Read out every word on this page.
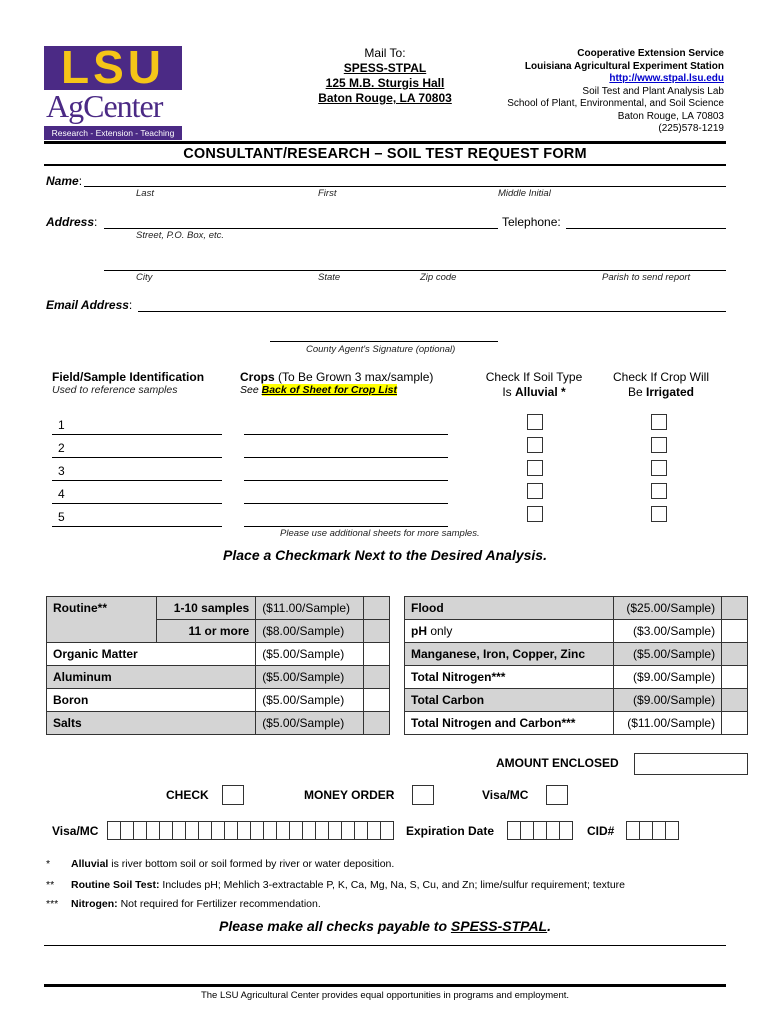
LSU
AgCenter
Research - Extension - Teaching
Mail To:
SPESS-STPAL
125 M.B. Sturgis Hall
Baton Rouge, LA 70803
Cooperative Extension Service
Louisiana Agricultural Experiment Station
http://www.stpal.lsu.edu
Soil Test and Plant Analysis Lab
School of Plant, Environmental, and Soil Science
Baton Rouge, LA 70803
(225)578-1219
CONSULTANT/RESEARCH – SOIL TEST REQUEST FORM
Name:
Last	First	Middle Initial
Address:	Telephone:
Street, P.O. Box, etc.
City	State	Zip code	Parish to send report
Email Address:
County Agent's Signature (optional)
Field/Sample Identification
Used to reference samples
Crops (To Be Grown 3 max/sample)
See Back of Sheet for Crop List
Check If Soil Type
Is Alluvial *
Check If Crop Will
Be Irrigated
1
2
3
4
5
Please use additional sheets for more samples.
Place a Checkmark Next to the Desired Analysis.
Routine**	1-10 samples	($11.00/Sample)	
	11 or more	($8.00/Sample)	
Organic Matter		($5.00/Sample)	
Aluminum		($5.00/Sample)	
Boron		($5.00/Sample)	
Salts		($5.00/Sample)	
Flood	($25.00/Sample)	
pH only	($3.00/Sample)	
Manganese, Iron, Copper, Zinc	($5.00/Sample)	
Total Nitrogen***	($9.00/Sample)	
Total Carbon	($9.00/Sample)	
Total Nitrogen and Carbon***	($11.00/Sample)	
AMOUNT ENCLOSED
CHECK	MONEY ORDER	Visa/MC
Visa/MC	Expiration Date	CID#
* Alluvial is river bottom soil or soil formed by river or water deposition.
** Routine Soil Test: Includes pH; Mehlich 3-extractable P, K, Ca, Mg, Na, S, Cu, and Zn; lime/sulfur requirement; texture
*** Nitrogen: Not required for Fertilizer recommendation.
Please make all checks payable to SPESS-STPAL.
The LSU Agricultural Center provides equal opportunities in programs and employment.
